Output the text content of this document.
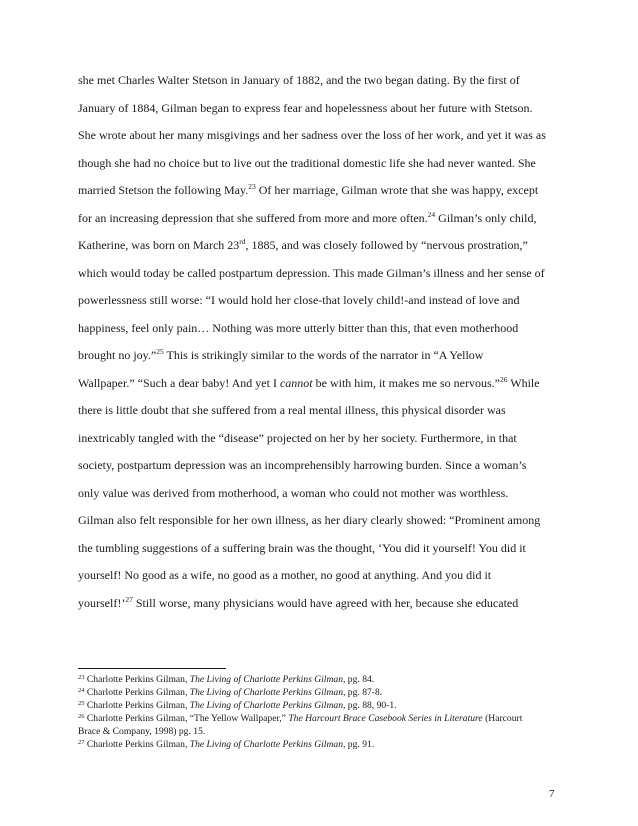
she met Charles Walter Stetson in January of 1882, and the two began dating. By the first of
January of 1884, Gilman began to express fear and hopelessness about her future with Stetson.
She wrote about her many misgivings and her sadness over the loss of her work, and yet it was as
though she had no choice but to live out the traditional domestic life she had never wanted. She
married Stetson the following May.$^{23}$ Of her marriage, Gilman wrote that she was happy, except
for an increasing depression that she suffered from more and more often.$^{24}$ Gilman’s only child,
Katherine, was born on March 23rd, 1885, and was closely followed by “nervous prostration,”
which would today be called postpartum depression. This made Gilman’s illness and her sense of
powerlessness still worse: “I would hold her close-that lovely child!-and instead of love and
happiness, feel only pain… Nothing was more utterly bitter than this, that even motherhood
brought no joy.”$^{25}$ This is strikingly similar to the words of the narrator in “A Yellow
Wallpaper.” “Such a dear baby! And yet I cannot be with him, it makes me so nervous.”$^{26}$ While
there is little doubt that she suffered from a real mental illness, this physical disorder was
inextricably tangled with the “disease” projected on her by her society. Furthermore, in that
society, postpartum depression was an incomprehensibly harrowing burden. Since a woman’s
only value was derived from motherhood, a woman who could not mother was worthless.
Gilman also felt responsible for her own illness, as her diary clearly showed: “Prominent among
the tumbling suggestions of a suffering brain was the thought, ‘You did it yourself! You did it
yourself! No good as a wife, no good as a mother, no good at anything. And you did it
yourself!’$^{27}$ Still worse, many physicians would have agreed with her, because she educated
$^{23}$ Charlotte Perkins Gilman, The Living of Charlotte Perkins Gilman, pg. 84.
$^{24}$ Charlotte Perkins Gilman, The Living of Charlotte Perkins Gilman, pg. 87-8.
$^{25}$ Charlotte Perkins Gilman, The Living of Charlotte Perkins Gilman, pg. 88, 90-1.
$^{26}$ Charlotte Perkins Gilman, “The Yellow Wallpaper,” The Harcourt Brace Casebook Series in Literature (Harcourt
Brace & Company, 1998) pg. 15.
$^{27}$ Charlotte Perkins Gilman, The Living of Charlotte Perkins Gilman, pg. 91.
7
